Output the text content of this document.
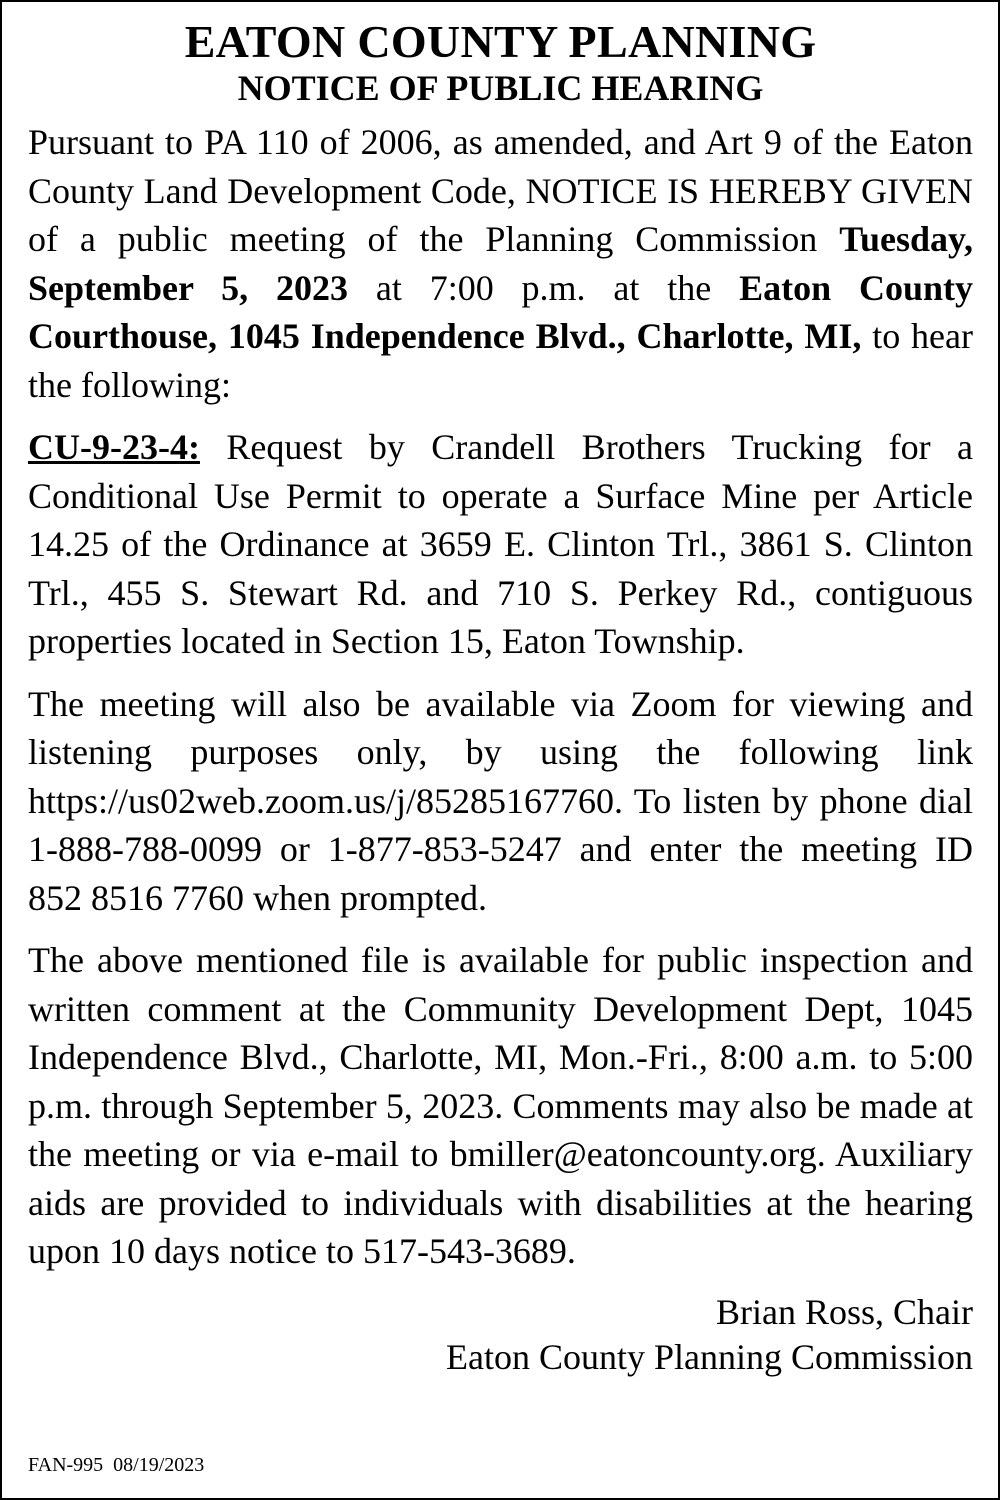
EATON COUNTY PLANNING
NOTICE OF PUBLIC HEARING

Pursuant to PA 110 of 2006, as amended, and Art 9 of the Eaton County Land Development Code, NOTICE IS HEREBY GIVEN of a public meeting of the Planning Commission Tuesday, September 5, 2023 at 7:00 p.m. at the Eaton County Courthouse, 1045 Independence Blvd., Charlotte, MI, to hear the following:

CU-9-23-4: Request by Crandell Brothers Trucking for a Conditional Use Permit to operate a Surface Mine per Article 14.25 of the Ordinance at 3659 E. Clinton Trl., 3861 S. Clinton Trl., 455 S. Stewart Rd. and 710 S. Perkey Rd., contiguous properties located in Section 15, Eaton Township.

The meeting will also be available via Zoom for viewing and listening purposes only, by using the following link https://us02web.zoom.us/j/85285167760. To listen by phone dial 1-888-788-0099 or 1-877-853-5247 and enter the meeting ID 852 8516 7760 when prompted.

The above mentioned file is available for public inspection and written comment at the Community Development Dept, 1045 Independence Blvd., Charlotte, MI, Mon.-Fri., 8:00 a.m. to 5:00 p.m. through September 5, 2023. Comments may also be made at the meeting or via e-mail to bmiller@eatoncounty.org. Auxiliary aids are provided to individuals with disabilities at the hearing upon 10 days notice to 517-543-3689.

Brian Ross, Chair
Eaton County Planning Commission
FAN-995  08/19/2023
